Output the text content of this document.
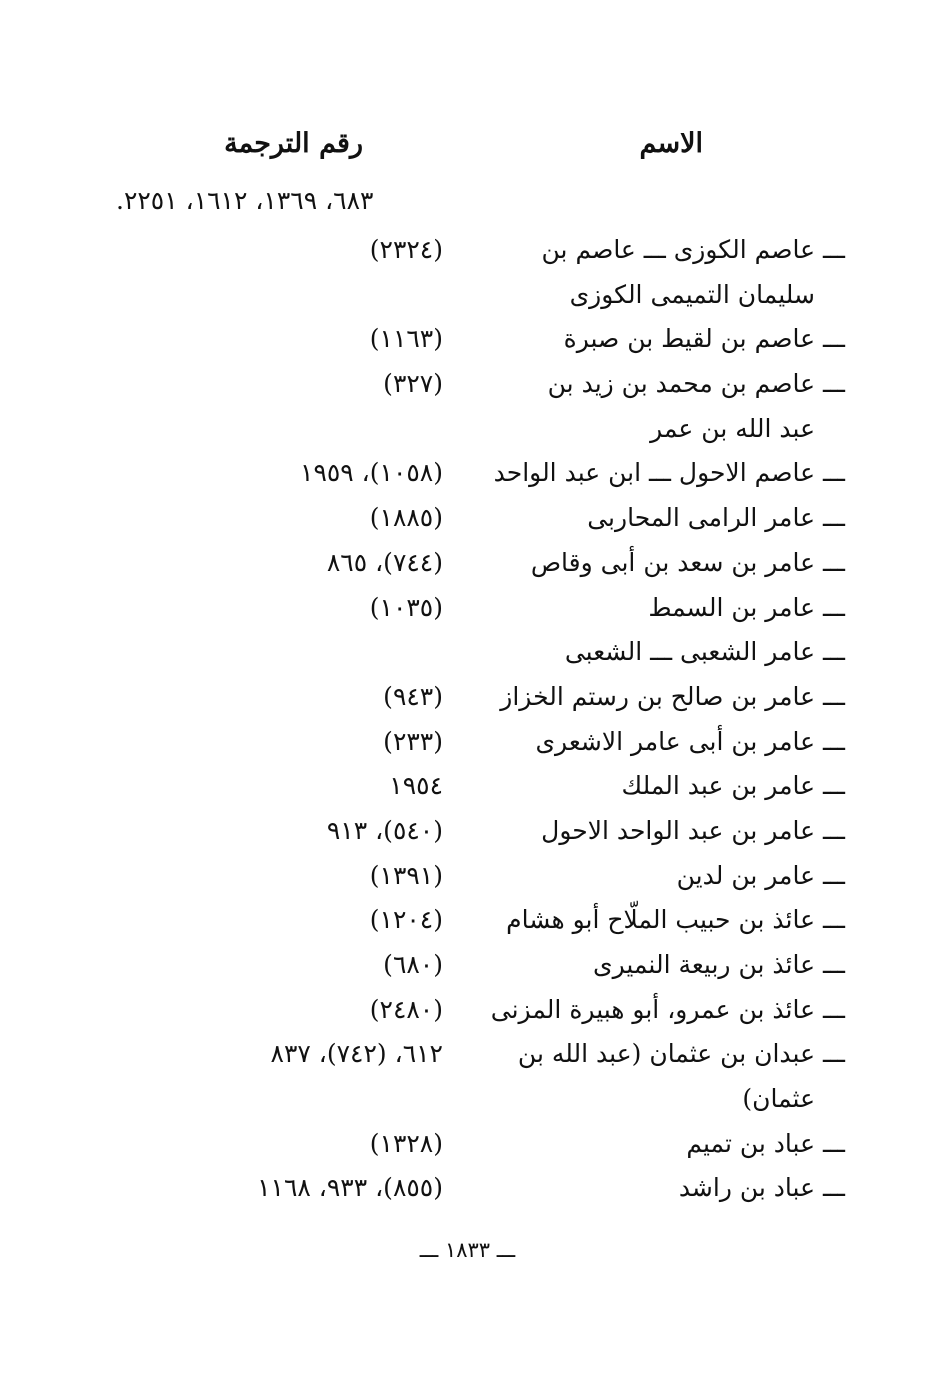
الاسم
رقم الترجمة
٦٨٣، ١٣٦٩، ١٦١٢، ٢٢٥١.
ـــ
عاصم الكوزى ـــ عاصم بن
(٢٣٢٤)
سليمان التميمى الكوزى
ـــ
عاصم بن لقيط بن صبرة
(١١٦٣)
ـــ
عاصم بن محمد بن زيد بن
(٣٢٧)
عبد الله بن عمر
ـــ
عاصم الاحول ـــ ابن عبد الواحد
(١٠٥٨)، ١٩٥٩
ـــ
عامر الرامى المحاربى
(١٨٨٥)
ـــ
عامر بن سعد بن أبى وقاص
(٧٤٤)، ٨٦٥
ـــ
عامر بن السمط
(١٠٣٥)
ـــ
عامر الشعبى ـــ الشعبى
ـــ
عامر بن صالح بن رستم الخزاز
(٩٤٣)
ـــ
عامر بن أبى عامر الاشعرى
(٢٣٣)
ـــ
عامر بن عبد الملك
١٩٥٤
ـــ
عامر بن عبد الواحد الاحول
(٥٤٠)، ٩١٣
ـــ
عامر بن لدين
(١٣٩١)
ـــ
عائذ بن حبيب الملّاح أبو هشام
(١٢٠٤)
ـــ
عائذ بن ربيعة النميرى
(٦٨٠)
ـــ
عائذ بن عمرو، أبو هبيرة المزنى
(٢٤٨٠)
ـــ
عبدان بن عثمان (عبد الله بن
٦١٢، (٧٤٢)، ٨٣٧
عثمان)
ـــ
عباد بن تميم
(١٣٢٨)
ـــ
عباد بن راشد
(٨٥٥)، ٩٣٣، ١١٦٨
ـــ ١٨٣٣ ـــ
